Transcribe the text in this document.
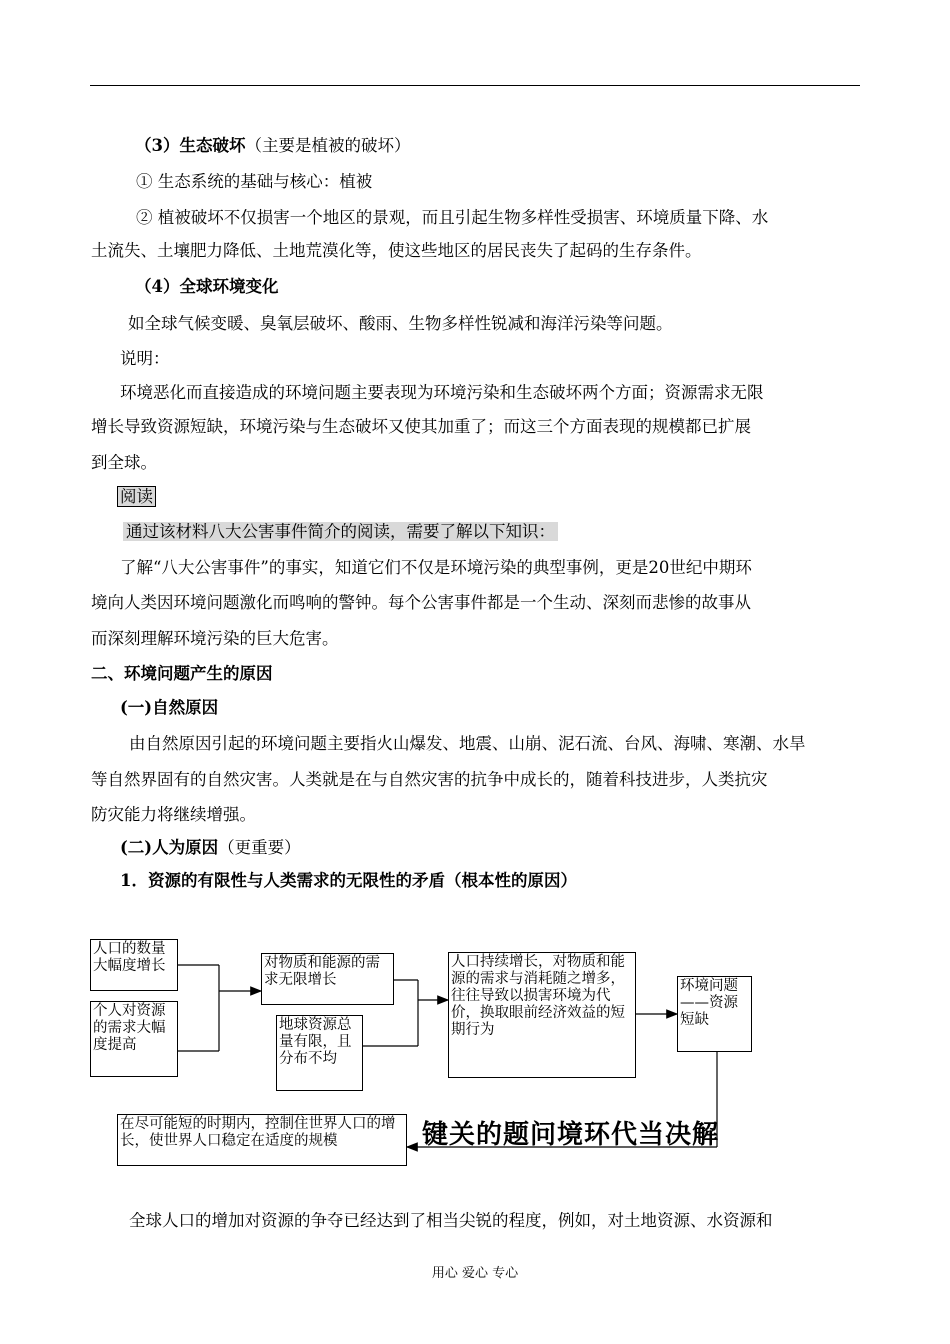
（3）生态破坏（主要是植被的破坏）
① 生态系统的基础与核心：植被
② 植被破坏不仅损害一个地区的景观，而且引起生物多样性受损害、环境质量下降、水
土流失、土壤肥力降低、土地荒漠化等，使这些地区的居民丧失了起码的生存条件。
（4）全球环境变化
如全球气候变暖、臭氧层破坏、酸雨、生物多样性锐减和海洋污染等问题。
说明：
环境恶化而直接造成的环境问题主要表现为环境污染和生态破坏两个方面；资源需求无限
增长导致资源短缺，环境污染与生态破坏又使其加重了；而这三个方面表现的规模都已扩展
到全球。
阅读
通过该材料八大公害事件简介的阅读，需要了解以下知识：
了解“八大公害事件”的事实，知道它们不仅是环境污染的典型事例，更是20世纪中期环
境向人类因环境问题激化而鸣响的警钟。每个公害事件都是一个生动、深刻而悲惨的故事从
而深刻理解环境污染的巨大危害。
二、环境问题产生的原因
(一)自然原因
由自然原因引起的环境问题主要指火山爆发、地震、山崩、泥石流、台风、海啸、寒潮、水旱
等自然界固有的自然灾害。人类就是在与自然灾害的抗争中成长的，随着科技进步，人类抗灾
防灾能力将继续增强。
(二)人为原因（更重要）
1．资源的有限性与人类需求的无限性的矛盾（根本性的原因）
人口的数量大幅度增长
个人对资源的需求大幅度提高
对物质和能源的需求无限增长
地球资源总量有限，且分布不均
人口持续增长，对物质和能源的需求与消耗随之增多，往往导致以损害环境为代价，换取眼前经济效益的短期行为
环境问题——资源短缺
在尽可能短的时期内，控制住世界人口的增长，使世界人口稳定在适度的规模	键关的题问境环代当决解
全球人口的增加对资源的争夺已经达到了相当尖锐的程度，例如，对土地资源、水资源和
用心 爱心 专心
